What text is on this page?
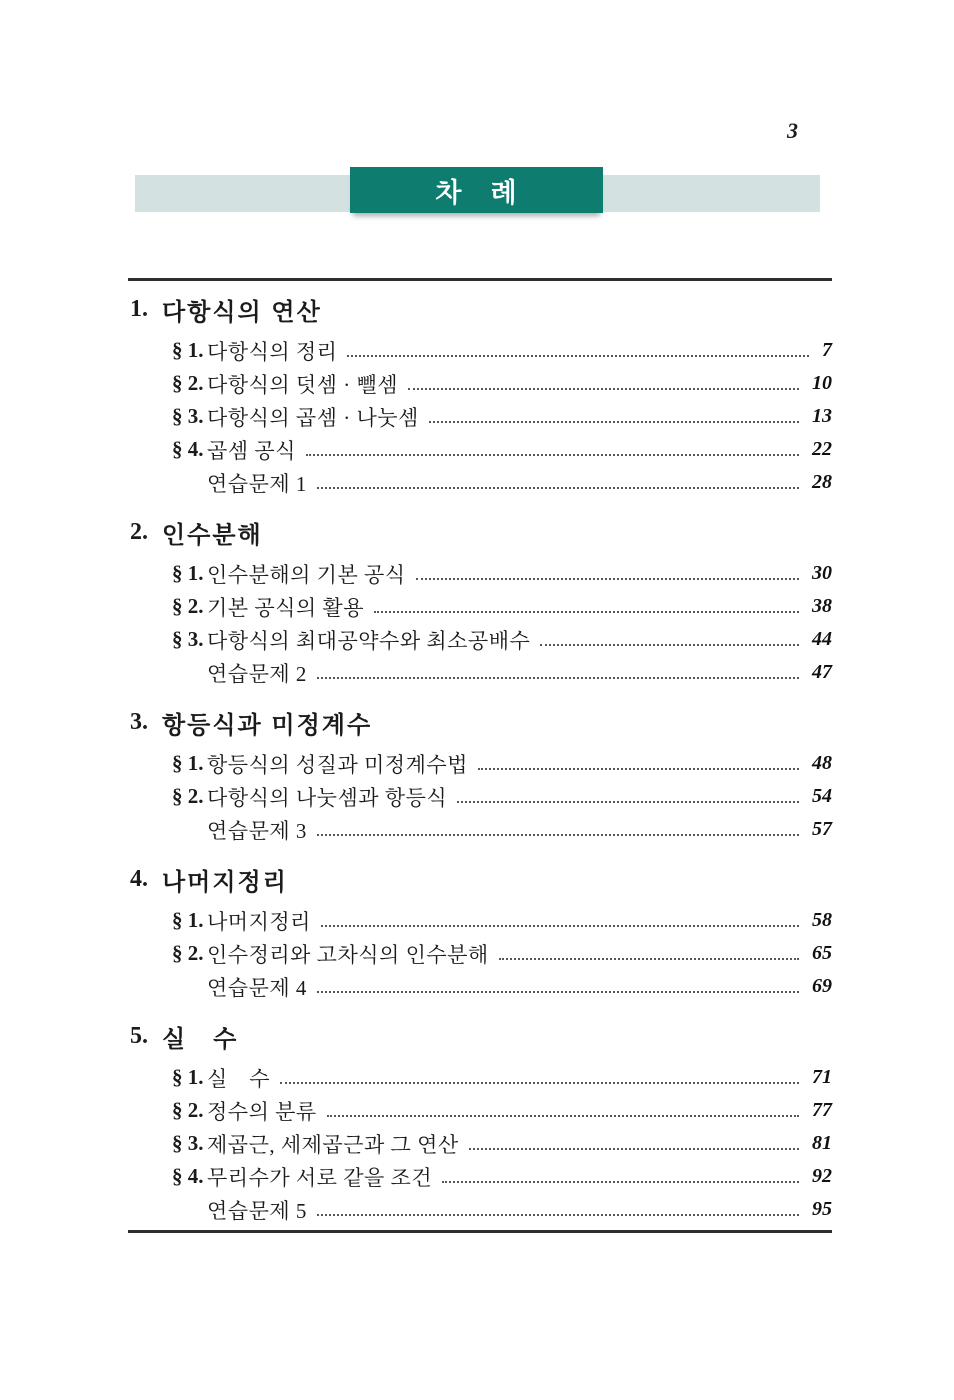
3
차 례
1. 다항식의 연산
§ 1. 다항식의 정리	7
§ 2. 다항식의 덧셈 · 뺄셈	10
§ 3. 다항식의 곱셈 · 나눗셈	13
§ 4. 곱셈 공식	22
연습문제 1	28
2. 인수분해
§ 1. 인수분해의 기본 공식	30
§ 2. 기본 공식의 활용	38
§ 3. 다항식의 최대공약수와 최소공배수	44
연습문제 2	47
3. 항등식과 미정계수
§ 1. 항등식의 성질과 미정계수법	48
§ 2. 다항식의 나눗셈과 항등식	54
연습문제 3	57
4. 나머지정리
§ 1. 나머지정리	58
§ 2. 인수정리와 고차식의 인수분해	65
연습문제 4	69
5. 실 수
§ 1. 실 수	71
§ 2. 정수의 분류	77
§ 3. 제곱근, 세제곱근과 그 연산	81
§ 4. 무리수가 서로 같을 조건	92
연습문제 5	95
